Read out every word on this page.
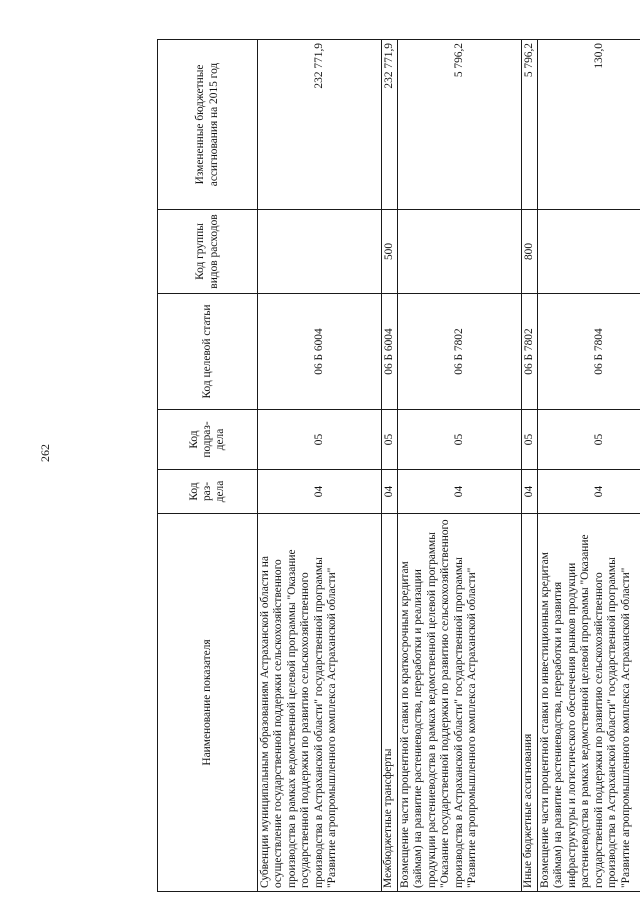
262
Наименование показателя	Код раз-дела	Код подраз-дела	Код целевой статьи	Код группы видов расходов	Измененные бюджетные ассигнования на 2015 год
Субвенции муниципальным образованиям Астраханской области на осуществление государственной поддержки сельскохозяйственного производства в рамках ведомственной целевой программы "Оказание государственной поддержки по развитию сельскохозяйственного производства в Астраханской области" государственной программы "Развитие агропромышленного комплекса Астраханской области"	04	05	06 Б 6004		232 771,9
Межбюджетные трансферты	04	05	06 Б 6004	500	232 771,9
Возмещение части процентной ставки по краткосрочным кредитам (займам) на развитие растениеводства, переработки и реализации продукции растениеводства в рамках ведомственной целевой программы "Оказание государственной поддержки по развитию сельскохозяйственного производства в Астраханской области" государственной программы "Развитие агропромышленного комплекса Астраханской области"	04	05	06 Б 7802		5 796,2
Иные бюджетные ассигнования	04	05	06 Б 7802	800	5 796,2
Возмещение части процентной ставки по инвестиционным кредитам (займам) на развитие растениеводства, переработки и развития инфраструктуры и логистического обеспечения рынков продукции растениеводства в рамках ведомственной целевой программы "Оказание государственной поддержки по развитию сельскохозяйственного производства в Астраханской области" государственной программы "Развитие агропромышленного комплекса Астраханской области"	04	05	06 Б 7804		130,0
